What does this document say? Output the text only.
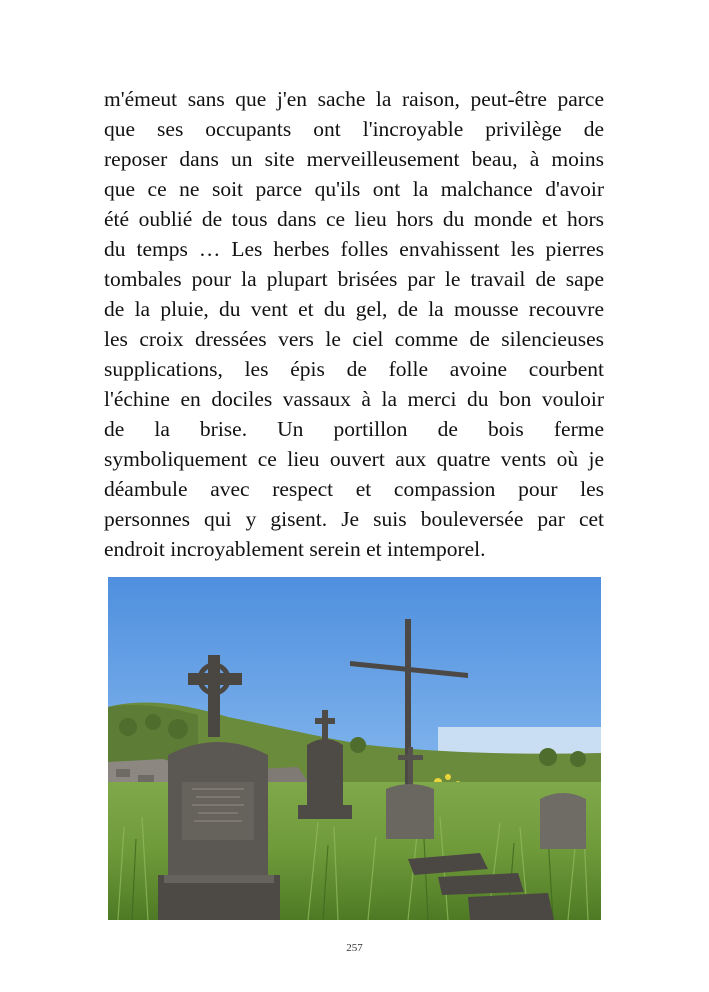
m'émeut sans que j'en sache la raison, peut-être parce
que ses occupants ont l'incroyable privilège de
reposer dans un site merveilleusement beau, à moins
que ce ne soit parce qu'ils ont la malchance d'avoir
été oublié de tous dans ce lieu hors du monde et hors
du temps … Les herbes folles envahissent les pierres
tombales pour la plupart brisées par le travail de sape
de la pluie, du vent et du gel, de la mousse recouvre
les croix dressées vers le ciel comme de silencieuses
supplications, les épis de folle avoine courbent
l'échine en dociles vassaux à la merci du bon vouloir
de la brise. Un portillon de bois ferme
symboliquement ce lieu ouvert aux quatre vents où je
déambule avec respect et compassion pour les
personnes qui y gisent. Je suis bouleversée par cet
endroit incroyablement serein et intemporel.
257
